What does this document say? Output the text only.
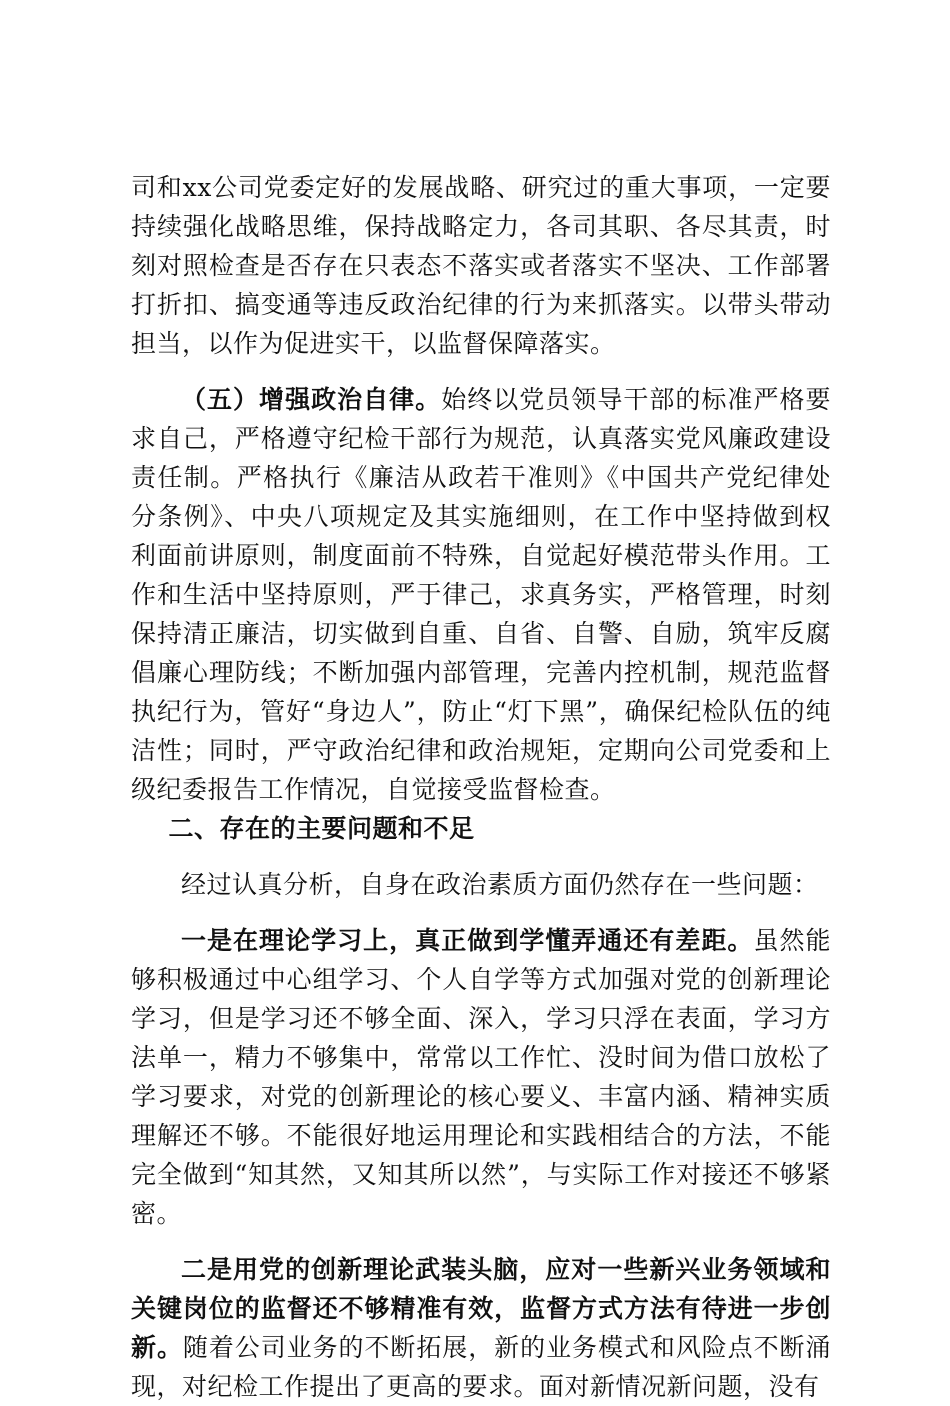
司和xx公司党委定好的发展战略、研究过的重大事项，一定要持续强化战略思维，保持战略定力，各司其职、各尽其责，时刻对照检查是否存在只表态不落实或者落实不坚决、工作部署打折扣、搞变通等违反政治纪律的行为来抓落实。以带头带动担当，以作为促进实干，以监督保障落实。

（五）增强政治自律。始终以党员领导干部的标准严格要求自己，严格遵守纪检干部行为规范，认真落实党风廉政建设责任制。严格执行《廉洁从政若干准则》《中国共产党纪律处分条例》、中央八项规定及其实施细则，在工作中坚持做到权利面前讲原则，制度面前不特殊，自觉起好模范带头作用。工作和生活中坚持原则，严于律己，求真务实，严格管理，时刻保持清正廉洁，切实做到自重、自省、自警、自励，筑牢反腐倡廉心理防线；不断加强内部管理，完善内控机制，规范监督执纪行为，管好“身边人”，防止“灯下黑”，确保纪检队伍的纯洁性；同时，严守政治纪律和政治规矩，定期向公司党委和上级纪委报告工作情况，自觉接受监督检查。

二、存在的主要问题和不足

经过认真分析，自身在政治素质方面仍然存在一些问题：

一是在理论学习上，真正做到学懂弄通还有差距。虽然能够积极通过中心组学习、个人自学等方式加强对党的创新理论学习，但是学习还不够全面、深入，学习只浮在表面，学习方法单一，精力不够集中，常常以工作忙、没时间为借口放松了学习要求，对党的创新理论的核心要义、丰富内涵、精神实质理解还不够。不能很好地运用理论和实践相结合的方法，不能完全做到“知其然，又知其所以然”，与实际工作对接还不够紧密。

二是用党的创新理论武装头脑，应对一些新兴业务领域和关键岗位的监督还不够精准有效，监督方式方法有待进一步创新。随着公司业务的不断拓展，新的业务模式和风险点不断涌现，对纪检工作提出了更高的要求。面对新情况新问题，没有
